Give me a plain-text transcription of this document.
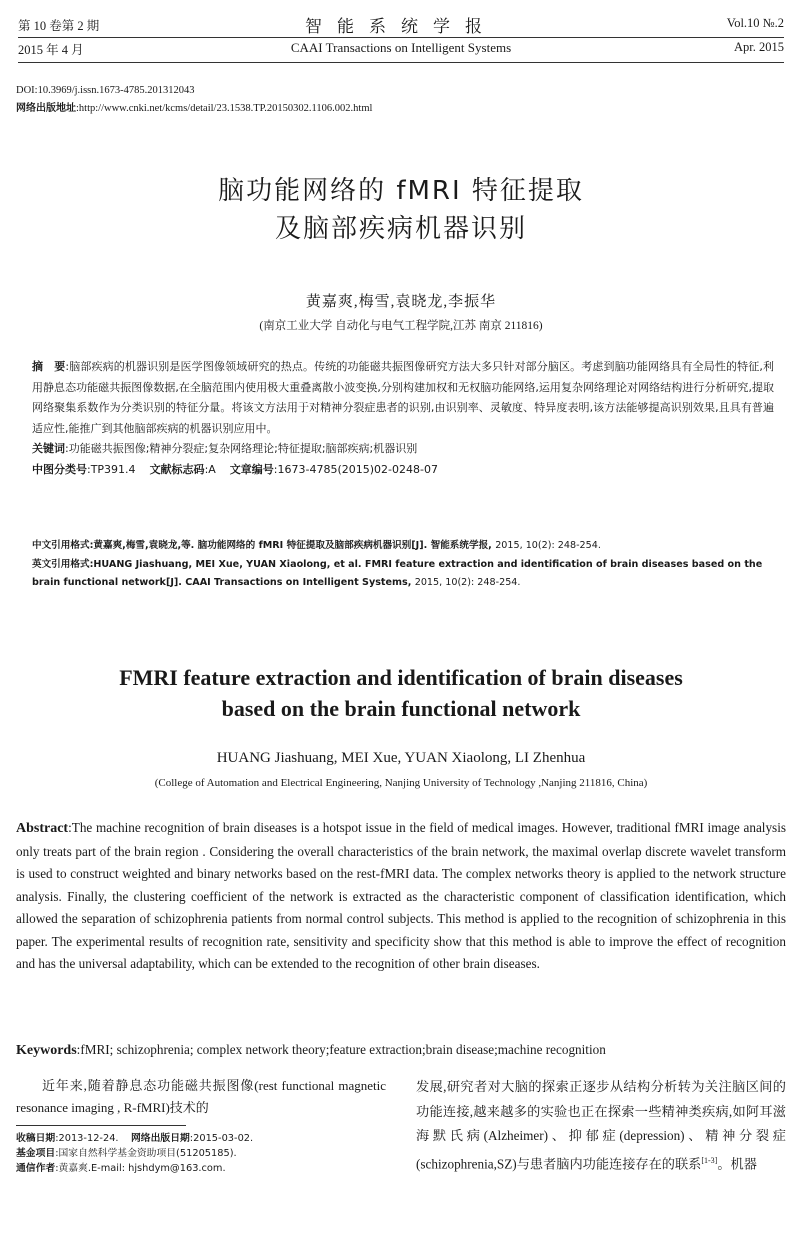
第 10 卷第 2 期	智能系统学报	Vol.10 №.2
2015 年 4 月	CAAI Transactions on Intelligent Systems	Apr. 2015
DOI:10.3969/j.issn.1673-4785.201312043
网络出版地址:http://www.cnki.net/kcms/detail/23.1538.TP.20150302.1106.002.html
脑功能网络的 fMRI 特征提取
及脑部疾病机器识别
黄嘉爽,梅雪,袁晓龙,李振华
(南京工业大学 自动化与电气工程学院,江苏 南京 211816)
摘　要:脑部疾病的机器识别是医学图像领域研究的热点。传统的功能磁共振图像研究方法大多只针对部分脑区。考虑到脑功能网络具有全局性的特征,利用静息态功能磁共振图像数据,在全脑范围内使用极大重叠离散小波变换,分别构建加权和无权脑功能网络,运用复杂网络理论对网络结构进行分析研究,提取网络聚集系数作为分类识别的特征分量。将该文方法用于对精神分裂症患者的识别,由识别率、灵敏度、特异度表明,该方法能够提高识别效果,且具有普遍适应性,能推广到其他脑部疾病的机器识别应用中。
关键词:功能磁共振图像;精神分裂症;复杂网络理论;特征提取;脑部疾病;机器识别
中图分类号:TP391.4 文献标志码:A 文章编号:1673-4785(2015)02-0248-07
中文引用格式:黄嘉爽,梅雪,袁晓龙,等. 脑功能网络的 fMRI 特征提取及脑部疾病机器识别[J]. 智能系统学报, 2015, 10(2): 248-254.
英文引用格式:HUANG Jiashuang, MEI Xue, YUAN Xiaolong, et al. FMRI feature extraction and identification of brain diseases based on the brain functional network[J]. CAAI Transactions on Intelligent Systems, 2015, 10(2): 248-254.
FMRI feature extraction and identification of brain diseases
based on the brain functional network
HUANG Jiashuang, MEI Xue, YUAN Xiaolong, LI Zhenhua
(College of Automation and Electrical Engineering, Nanjing University of Technology ,Nanjing 211816, China)
Abstract:The machine recognition of brain diseases is a hotspot issue in the field of medical images. However, traditional fMRI image analysis only treats part of the brain region . Considering the overall characteristics of the brain network, the maximal overlap discrete wavelet transform is used to construct weighted and binary networks based on the rest-fMRI data. The complex networks theory is applied to the network structure analysis. Finally, the clustering coefficient of the network is extracted as the characteristic component of classification identification, which allowed the separation of schizophrenia patients from normal control subjects. This method is applied to the recognition of schizophrenia in this paper. The experimental results of recognition rate, sensitivity and specificity show that this method is able to improve the effect of recognition and has the universal adaptability, which can be extended to the recognition of other brain diseases.
Keywords:fMRI; schizophrenia; complex network theory;feature extraction;brain disease;machine recognition

近年来,随着静息态功能磁共振图像(rest functional magnetic resonance imaging , R-fMRI)技术的

收稿日期:2013-12-24. 网络出版日期:2015-03-02.
基金项目:国家自然科学基金资助项目(51205185).
通信作者:黄嘉爽.E-mail: hjshdym@163.com.

发展,研究者对大脑的探索正逐步从结构分析转为关注脑区间的功能连接,越来越多的实验也正在探索一些精神类疾病,如阿耳滋海默氏病(Alzheimer)、抑郁症(depression)、精神分裂症(schizophrenia,SZ)与患者脑内功能连接存在的联系[1-3]。机器
